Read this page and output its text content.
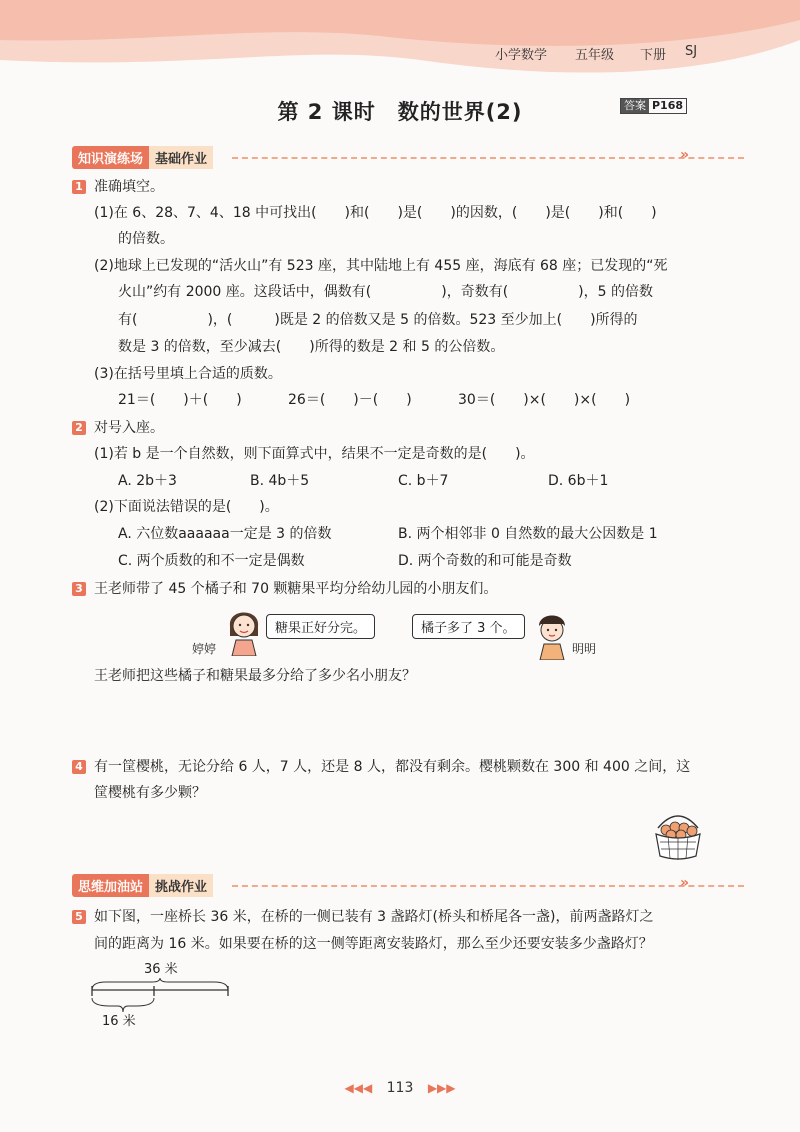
小学数学 五年级 下册 SJ
第 2 课时　数的世界(2)	答案 P168
知识演练场 基础作业	»
1 准确填空。
(1)在 6、28、7、4、18 中可找出(　　)和(　　)是(　　)的因数，(　　)是(　　)和(　　)
的倍数。
(2)地球上已发现的“活火山”有 523 座，其中陆地上有 455 座，海底有 68 座；已发现的“死
火山”约有 2000 座。这段话中，偶数有(　　　　　)，奇数有(　　　　　)，5 的倍数
有(　　　　　)，(　　　)既是 2 的倍数又是 5 的倍数。523 至少加上(　　)所得的
数是 3 的倍数，至少减去(　　)所得的数是 2 和 5 的公倍数。
(3)在括号里填上合适的质数。
21＝(　　)＋(　　)	26＝(　　)－(　　)	30＝(　　)×(　　)×(　　)
2 对号入座。
(1)若 b 是一个自然数，则下面算式中，结果不一定是奇数的是(　　)。
A. 2b＋3	B. 4b＋5	C. b＋7	D. 6b＋1
(2)下面说法错误的是(　　)。
A. 六位数aaaaaa一定是 3 的倍数	B. 两个相邻非 0 自然数的最大公因数是 1
C. 两个质数的和不一定是偶数	D. 两个奇数的和可能是奇数
3 王老师带了 45 个橘子和 70 颗糖果平均分给幼儿园的小朋友们。
婷婷
糖果正好分完。	橘子多了 3 个。
明明
王老师把这些橘子和糖果最多分给了多少名小朋友？
4 有一筐樱桃，无论分给 6 人，7 人，还是 8 人，都没有剩余。樱桃颗数在 300 和 400 之间，这
筐樱桃有多少颗？
思维加油站 挑战作业	»
5 如下图，一座桥长 36 米，在桥的一侧已装有 3 盏路灯(桥头和桥尾各一盏)，前两盏路灯之
间的距离为 16 米。如果要在桥的这一侧等距离安装路灯，那么至少还要安装多少盏路灯？
36 米
16 米
◀◀◀ 113 ▶▶▶
